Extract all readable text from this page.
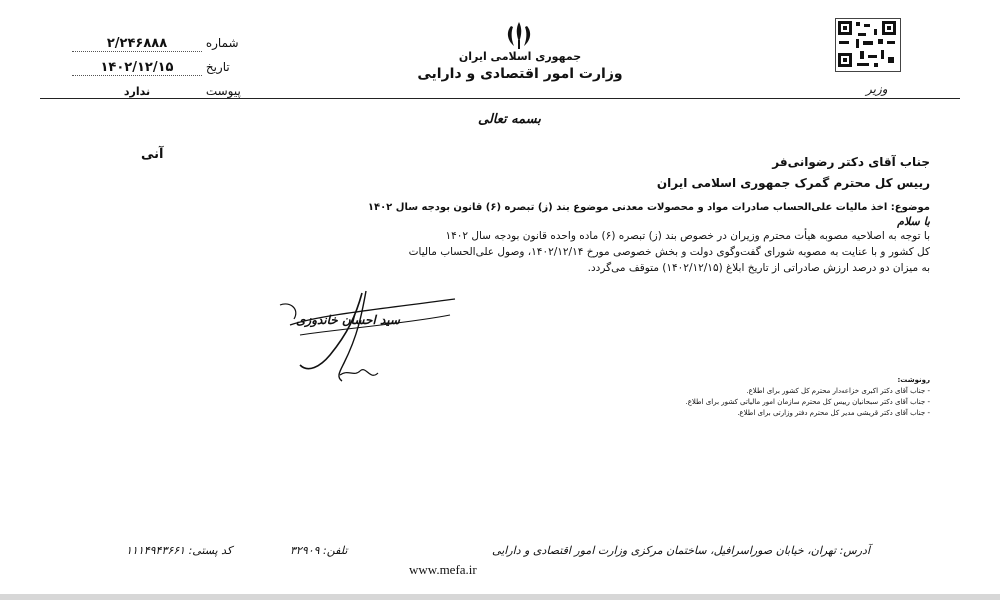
۲/۲۴۶۸۸۸	شماره
۱۴۰۲/۱۲/۱۵	تاریخ
ندارد	پیوست
جمهوری اسلامی ایران
وزارت امور اقتصادی و دارایی
وزیر
بسمه تعالی
آنی	جناب آقای دکتر رضوانی‌فر
رییس کل محترم گمرک جمهوری اسلامی ایران
موضوع: اخذ مالیات علی‌الحساب صادرات مواد و محصولات معدنی موضوع بند (ز) تبصره (۶) قانون بودجه سال ۱۴۰۲
با سلام
با توجه به اصلاحیه مصوبه هیأت محترم وزیران در خصوص بند (ز) تبصره (۶) ماده واحده قانون بودجه سال ۱۴۰۲
کل کشور و با عنایت به مصوبه شورای گفت‌وگوی دولت و بخش خصوصی مورخ ۱۴۰۲/۱۲/۱۴، وصول علی‌الحساب مالیات
به میزان دو درصد ارزش صادراتی از تاریخ ابلاغ (۱۴۰۲/۱۲/۱۵) متوقف می‌گردد.
سید احسان خاندوزی
رونوشت:
- جناب آقای دکتر اکبری خزاعه‌دار محترم کل کشور برای اطلاع.
- جناب آقای دکتر سبحانیان رییس کل محترم سازمان امور مالیاتی کشور برای اطلاع.
- جناب آقای دکتر قریشی مدیر کل محترم دفتر وزارتی برای اطلاع.
آدرس: تهران، خیابان صوراسرافیل، ساختمان مرکزی وزارت امور اقتصادی و دارایی
تلفن: ۳۲۹۰۹
کد پستی: ۱۱۱۴۹۴۳۶۶۱
www.mefa.ir
